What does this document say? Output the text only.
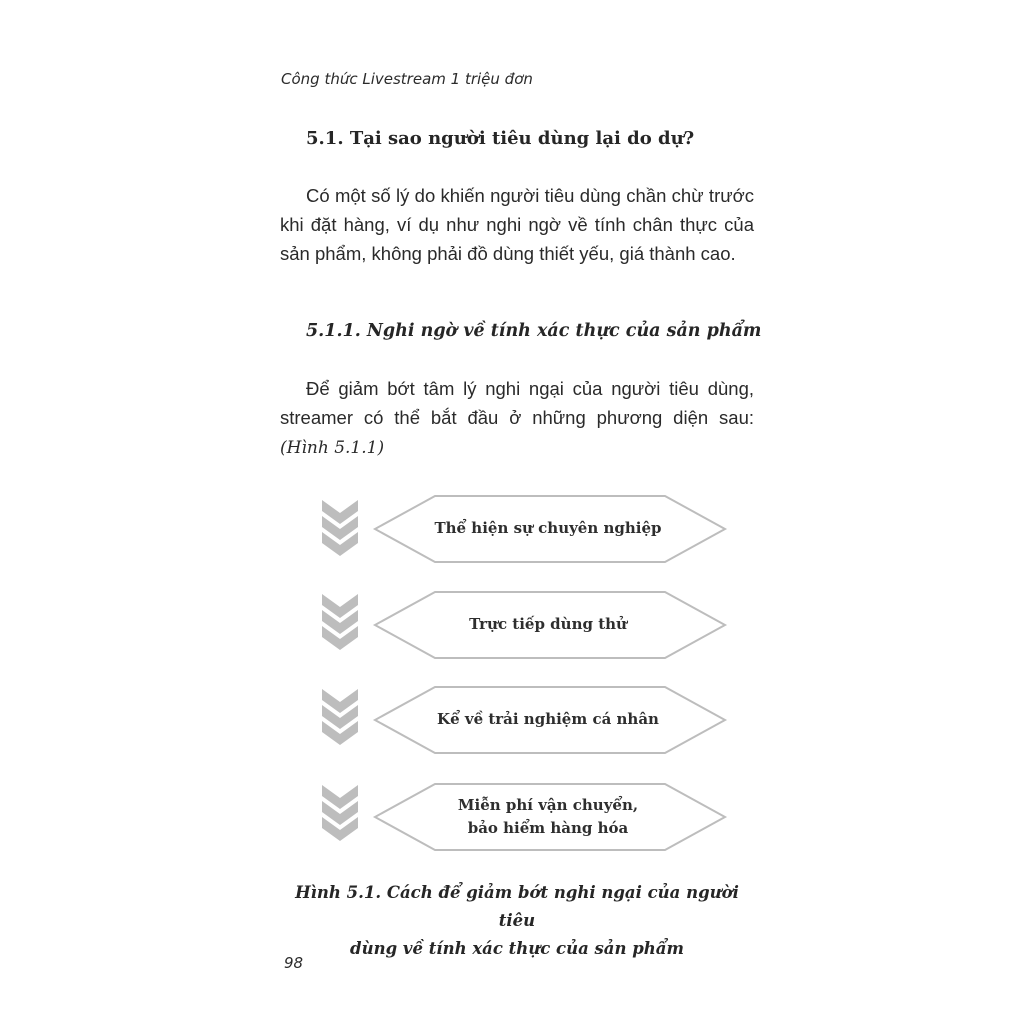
Công thức Livestream 1 triệu đơn
5.1. Tại sao người tiêu dùng lại do dự?

Có một số lý do khiến người tiêu dùng chần chừ trước khi đặt hàng, ví dụ như nghi ngờ về tính chân thực của sản phẩm, không phải đồ dùng thiết yếu, giá thành cao.

5.1.1. Nghi ngờ về tính xác thực của sản phẩm

Để giảm bớt tâm lý nghi ngại của người tiêu dùng, streamer có thể bắt đầu ở những phương diện sau: (Hình 5.1.1)

Thể hiện sự chuyên nghiệp
Trực tiếp dùng thử
Kể về trải nghiệm cá nhân
Miễn phí vận chuyển,
bảo hiểm hàng hóa
Hình 5.1. Cách để giảm bớt nghi ngại của người tiêu
dùng về tính xác thực của sản phẩm
98
